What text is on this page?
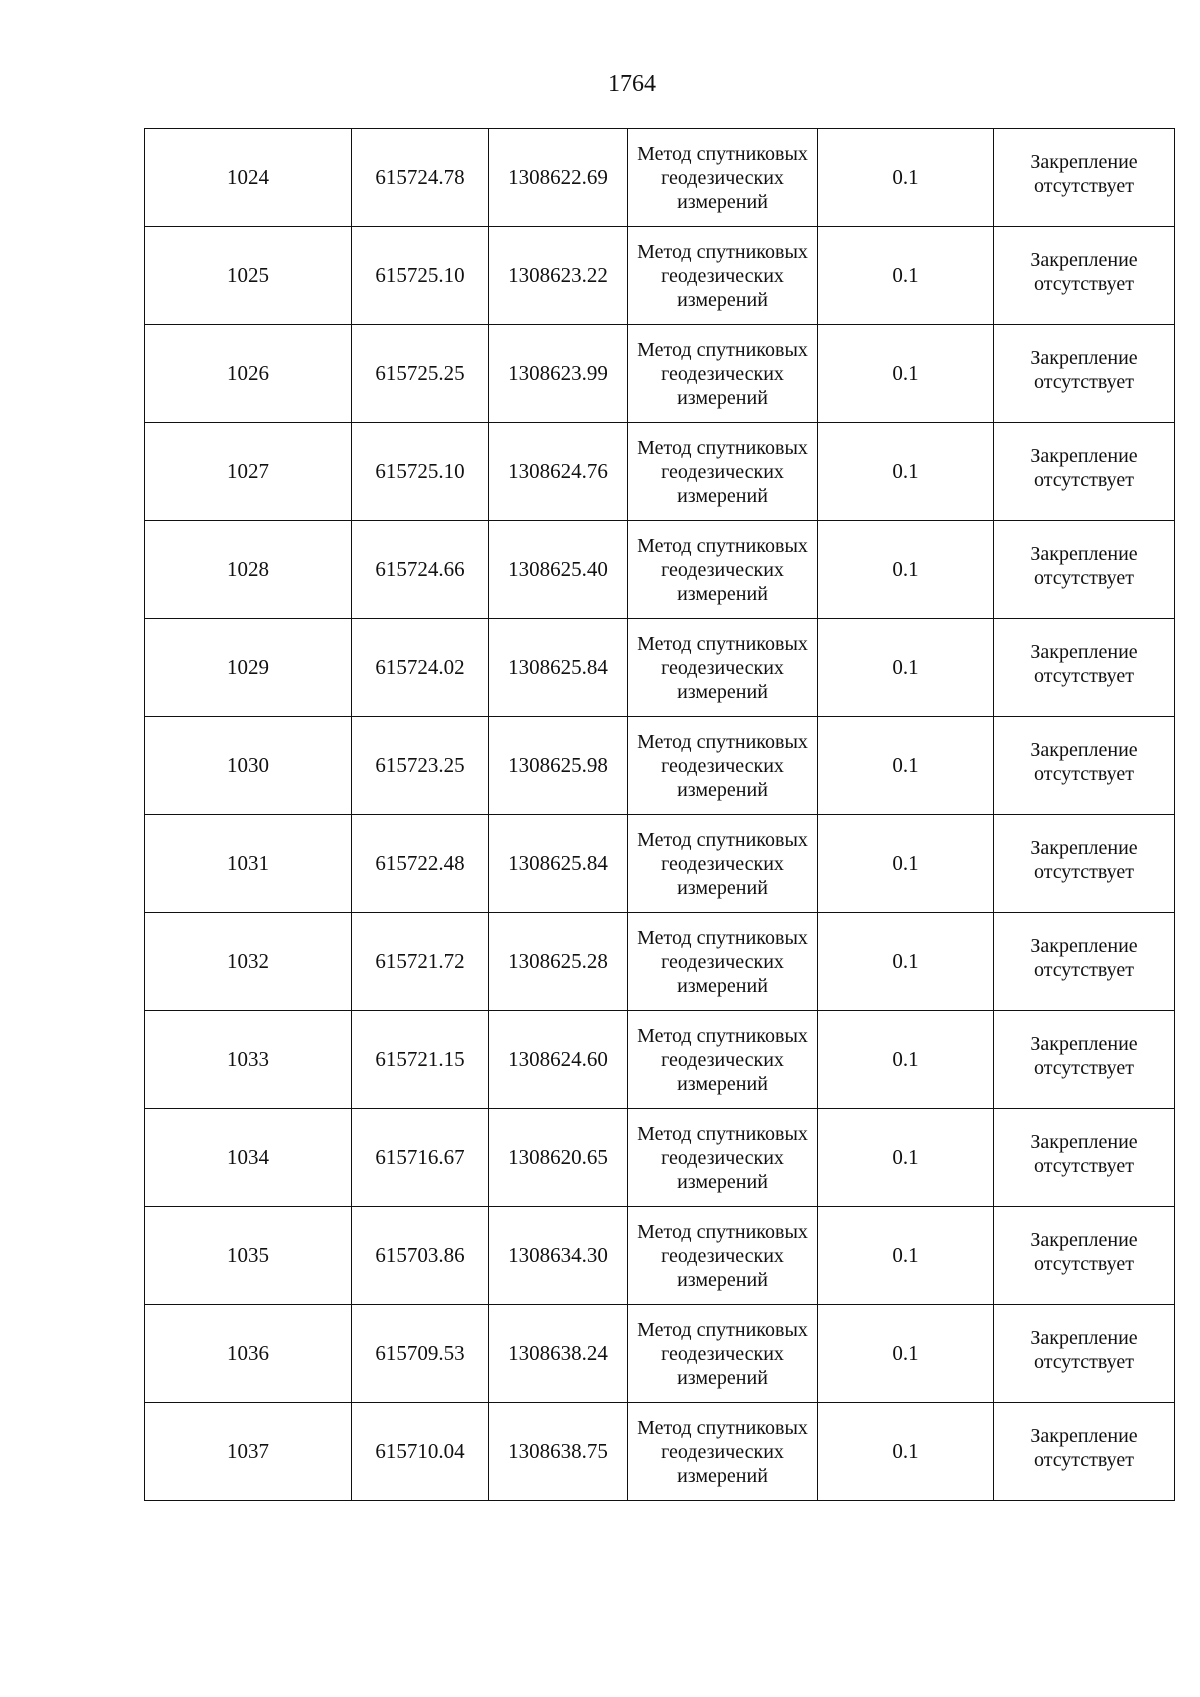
1764
1024	615724.78	1308622.69	Метод спутниковых геодезических измерений	0.1	Закрепление отсутствует
1025	615725.10	1308623.22	Метод спутниковых геодезических измерений	0.1	Закрепление отсутствует
1026	615725.25	1308623.99	Метод спутниковых геодезических измерений	0.1	Закрепление отсутствует
1027	615725.10	1308624.76	Метод спутниковых геодезических измерений	0.1	Закрепление отсутствует
1028	615724.66	1308625.40	Метод спутниковых геодезических измерений	0.1	Закрепление отсутствует
1029	615724.02	1308625.84	Метод спутниковых геодезических измерений	0.1	Закрепление отсутствует
1030	615723.25	1308625.98	Метод спутниковых геодезических измерений	0.1	Закрепление отсутствует
1031	615722.48	1308625.84	Метод спутниковых геодезических измерений	0.1	Закрепление отсутствует
1032	615721.72	1308625.28	Метод спутниковых геодезических измерений	0.1	Закрепление отсутствует
1033	615721.15	1308624.60	Метод спутниковых геодезических измерений	0.1	Закрепление отсутствует
1034	615716.67	1308620.65	Метод спутниковых геодезических измерений	0.1	Закрепление отсутствует
1035	615703.86	1308634.30	Метод спутниковых геодезических измерений	0.1	Закрепление отсутствует
1036	615709.53	1308638.24	Метод спутниковых геодезических измерений	0.1	Закрепление отсутствует
1037	615710.04	1308638.75	Метод спутниковых геодезических измерений	0.1	Закрепление отсутствует
